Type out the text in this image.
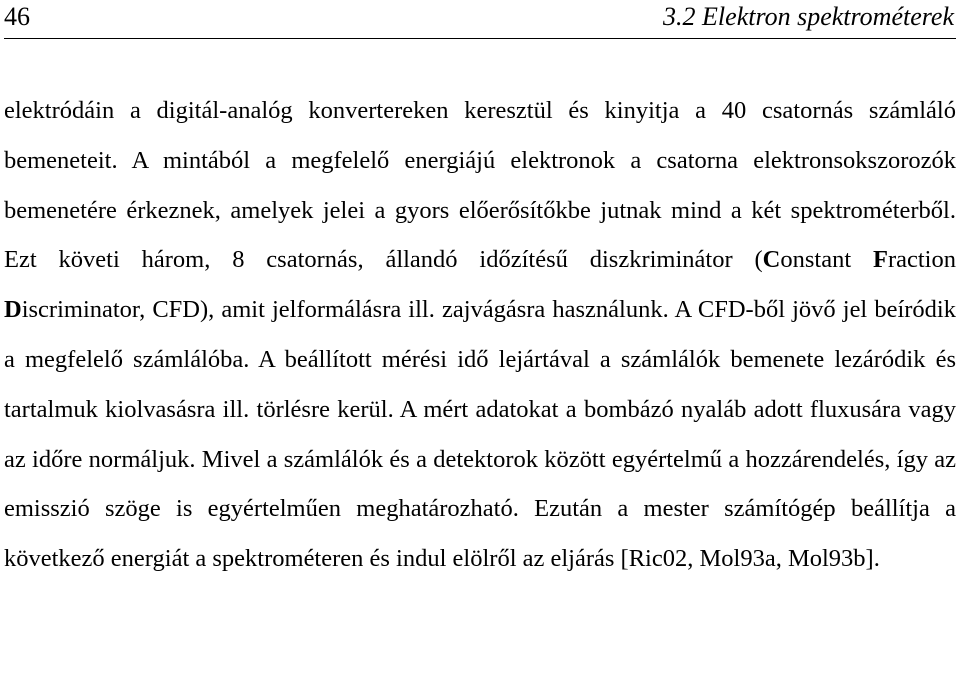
46	3.2 Elektron spektrométerek

elektródáin a digitál-analóg konvertereken keresztül és kinyitja a 40 csatornás számláló bemeneteit. A mintából a megfelelő energiájú elektronok a csatorna elektronsokszorozók bemenetére érkeznek, amelyek jelei a gyors előerősítőkbe jutnak mind a két spektrométerből. Ezt követi három, 8 csatornás, állandó időzítésű diszkriminátor (Constant Fraction Discriminator, CFD), amit jelformálásra ill. zajvágásra használunk. A CFD-ből jövő jel beíródik a megfelelő számlálóba. A beállított mérési idő lejártával a számlálók bemenete lezáródik és tartalmuk kiolvasásra ill. törlésre kerül. A mért adatokat a bombázó nyaláb adott fluxusára vagy az időre normáljuk. Mivel a számlálók és a detektorok között egyértelmű a hozzárendelés, így az emisszió szöge is egyértelműen meghatározható. Ezután a mester számítógép beállítja a következő energiát a spektrométeren és indul elölről az eljárás [Ric02, Mol93a, Mol93b].
